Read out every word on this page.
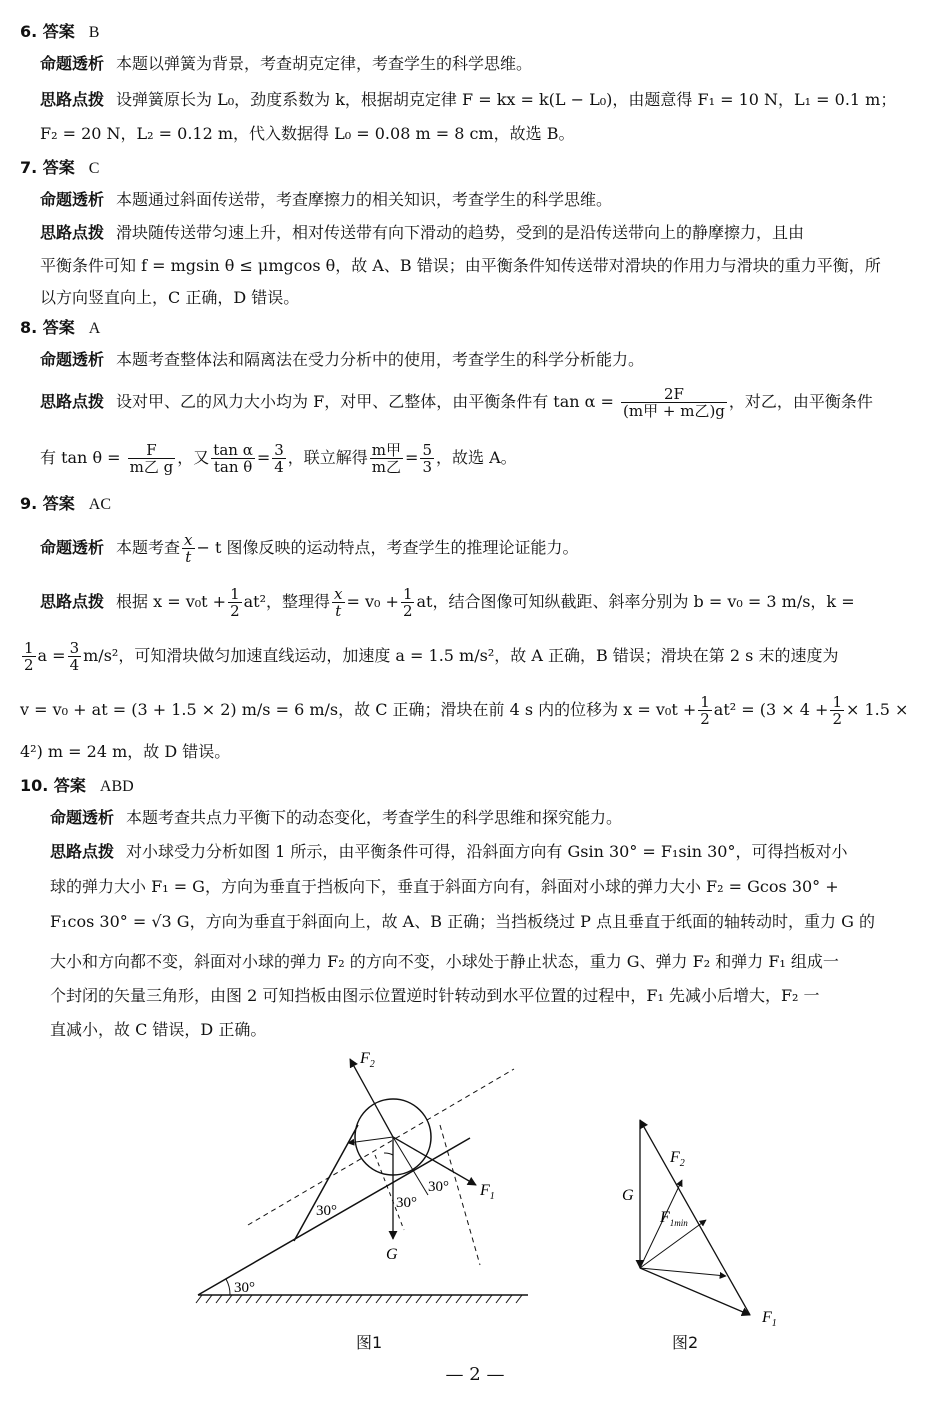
6. 答案 B
命题透析 本题以弹簧为背景，考查胡克定律，考查学生的科学思维。
思路点拨 设弹簧原长为 L₀，劲度系数为 k，根据胡克定律 F = kx = k(L − L₀)，由题意得 F₁ = 10 N，L₁ = 0.1 m；
F₂ = 20 N，L₂ = 0.12 m，代入数据得 L₀ = 0.08 m = 8 cm，故选 B。
7. 答案 C
命题透析 本题通过斜面传送带，考查摩擦力的相关知识，考查学生的科学思维。
思路点拨 滑块随传送带匀速上升，相对传送带有向下滑动的趋势，受到的是沿传送带向上的静摩擦力，且由
平衡条件可知 f = mgsin θ ≤ μmgcos θ，故 A、B 错误；由平衡条件知传送带对滑块的作用力与滑块的重力平衡，所
以方向竖直向上，C 正确，D 错误。
8. 答案 A
命题透析 本题考查整体法和隔离法在受力分析中的使用，考查学生的科学分析能力。
思路点拨 设对甲、乙的风力大小均为 F，对甲、乙整体，由平衡条件有 $\tan \alpha = \frac{2F}{\text{(m甲 + m乙)g}}$ ，对乙，由平衡条件
有 $\tan \theta = \frac{F}{\text{m乙 g}}$ ，又 $\frac{\text{tan α}}{\text{tan θ}} = \frac{3}{4}$ ，联立解得 $\frac{\text{m甲}}{\text{m乙}} = \frac{5}{3}$ ，故选 A。
9. 答案 AC
命题透析 本题考查 $\frac{x}{t} - t$ 图像反映的运动特点，考查学生的推理论证能力。
思路点拨 根据 $x = v_0t + \frac{1}{2} at^2$，整理得 $\frac{x}{t} = v_0 + \frac{1}{2}$ at，结合图像可知纵截距、斜率分别为 b = v₀ = 3 m/s，k =
$\frac{1}{2}$ $a = \frac{3}{4} m/s^2$，可知滑块做匀加速直线运动，加速度 a = 1.5 m/s²，故 A 正确，B 错误；滑块在第 2 s 末的速度为
v = v₀ + at = (3 + 1.5 × 2) m/s = 6 m/s，故 C 正确；滑块在前 4 s 内的位移为 $x = v_0t + \frac{1}{2} at^2 = (3 \times 4 + \frac{1}{2} \times 1.5$ ×
4²) m = 24 m，故 D 错误。
10. 答案 ABD
命题透析 本题考查共点力平衡下的动态变化，考查学生的科学思维和探究能力。
思路点拨 对小球受力分析如图 1 所示，由平衡条件可得，沿斜面方向有 Gsin 30° = F₁sin 30°，可得挡板对小
球的弹力大小 F₁ = G，方向为垂直于挡板向下，垂直于斜面方向有，斜面对小球的弹力大小 F₂ = Gcos 30° +
F₁cos 30° = √3 G，方向为垂直于斜面向上，故 A、B 正确；当挡板绕过 P 点且垂直于纸面的轴转动时，重力 G 的
大小和方向都不变，斜面对小球的弹力 F₂ 的方向不变，小球处于静止状态，重力 G、弹力 F₂ 和弹力 F₁ 组成一
个封闭的矢量三角形，由图 2 可知挡板由图示位置逆时针转动到水平位置的过程中，F₁ 先减小后增大，F₂ 一
直减小，故 C 错误，D 正确。
$F_2$
$F_1$
G
30°
30°	30°
30°
图1
G
$F_2$
$F_{1min}$
$F_1$
图2
— 2 —
